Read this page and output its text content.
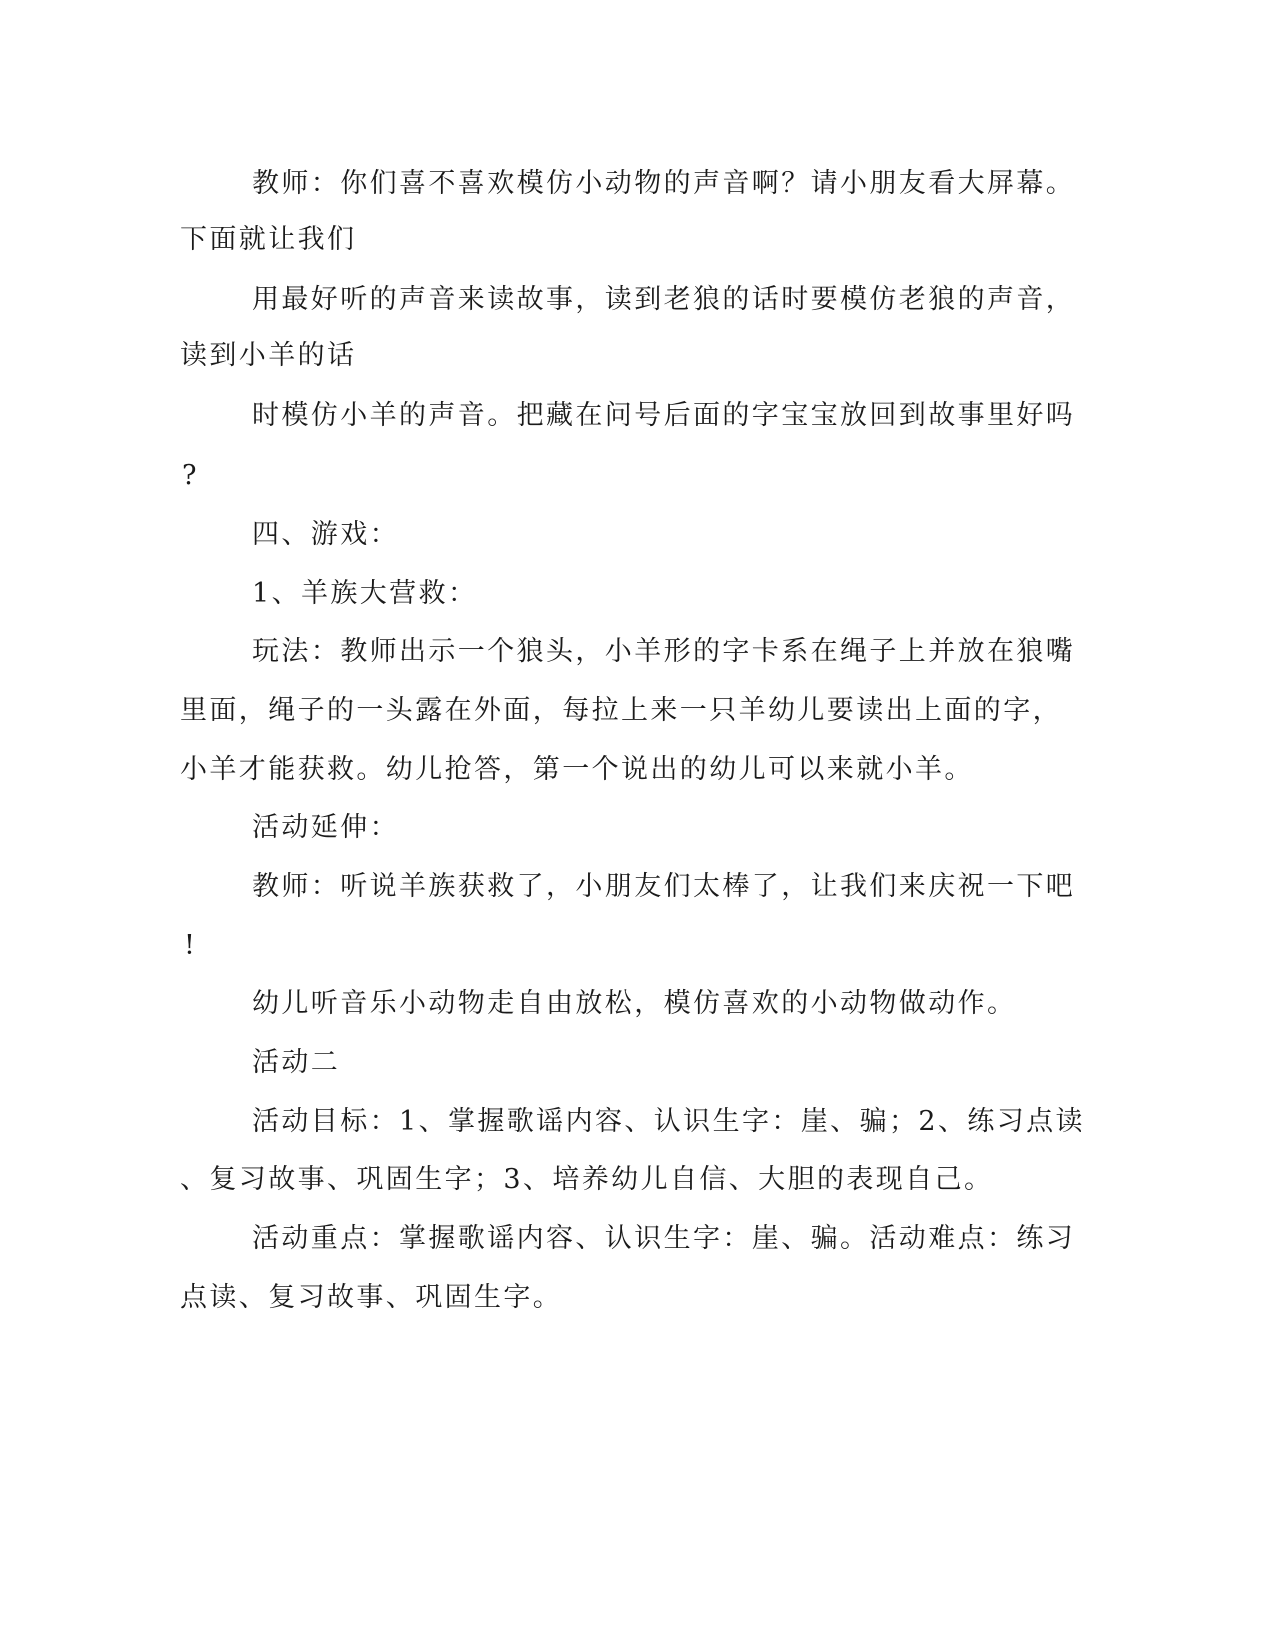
教师：你们喜不喜欢模仿小动物的声音啊？请小朋友看大屏幕。
下面就让我们
用最好听的声音来读故事，读到老狼的话时要模仿老狼的声音，
读到小羊的话
时模仿小羊的声音。把藏在问号后面的字宝宝放回到故事里好吗
?
四、游戏：
1、羊族大营救：
玩法：教师出示一个狼头，小羊形的字卡系在绳子上并放在狼嘴
里面，绳子的一头露在外面，每拉上来一只羊幼儿要读出上面的字，
小羊才能获救。幼儿抢答，第一个说出的幼儿可以来就小羊。
活动延伸：
教师：听说羊族获救了，小朋友们太棒了，让我们来庆祝一下吧
!
幼儿听音乐小动物走自由放松，模仿喜欢的小动物做动作。
活动二
活动目标：1、掌握歌谣内容、认识生字：崖、骗；2、练习点读
、复习故事、巩固生字；3、培养幼儿自信、大胆的表现自己。
活动重点：掌握歌谣内容、认识生字：崖、骗。活动难点：练习
点读、复习故事、巩固生字。
